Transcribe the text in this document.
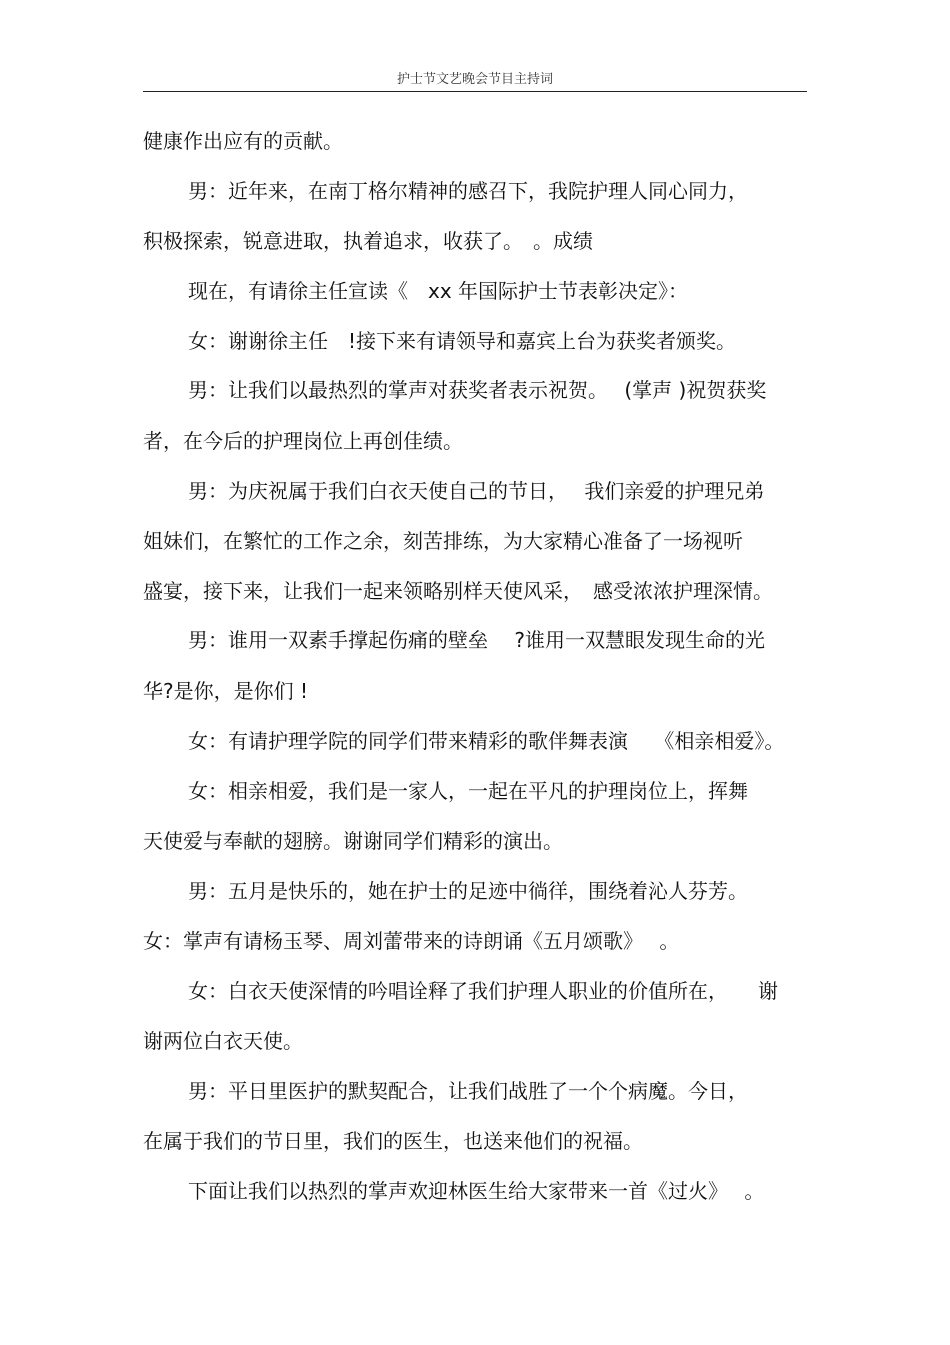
护士节文艺晚会节目主持词
健康作出应有的贡献。
男：近年来，在南丁格尔精神的感召下，我院护理人同心同力，
积极探索，锐意进取，执着追求，收获了。　。成绩
现在，有请徐主任宣读《　xx 年国际护士节表彰决定》：
女：谢谢徐主任　!接下来有请领导和嘉宾上台为获奖者颁奖。
男：让我们以最热烈的掌声对获奖者表示祝贺。　 (掌声 )祝贺获奖
者，在今后的护理岗位上再创佳绩。
男：为庆祝属于我们白衣天使自己的节日，　 我们亲爱的护理兄弟
姐妹们，在繁忙的工作之余，刻苦排练，为大家精心准备了一场视听
盛宴，接下来，让我们一起来领略别样天使风采，　感受浓浓护理深情。
男：谁用一双素手撑起伤痛的壁垒　 ?谁用一双慧眼发现生命的光
华?是你，是你们 !
女：有请护理学院的同学们带来精彩的歌伴舞表演　 《相亲相爱》。
女：相亲相爱，我们是一家人，一起在平凡的护理岗位上，挥舞
天使爱与奉献的翅膀。谢谢同学们精彩的演出。
男：五月是快乐的，她在护士的足迹中徜徉，围绕着沁人芬芳。
女：掌声有请杨玉琴、周刘蕾带来的诗朗诵《五月颂歌》　 。
女：白衣天使深情的吟唱诠释了我们护理人职业的价值所在，　　谢
谢两位白衣天使。
男：平日里医护的默契配合，让我们战胜了一个个病魔。今日，
在属于我们的节日里，我们的医生，也送来他们的祝福。
下面让我们以热烈的掌声欢迎林医生给大家带来一首《过火》　 。
